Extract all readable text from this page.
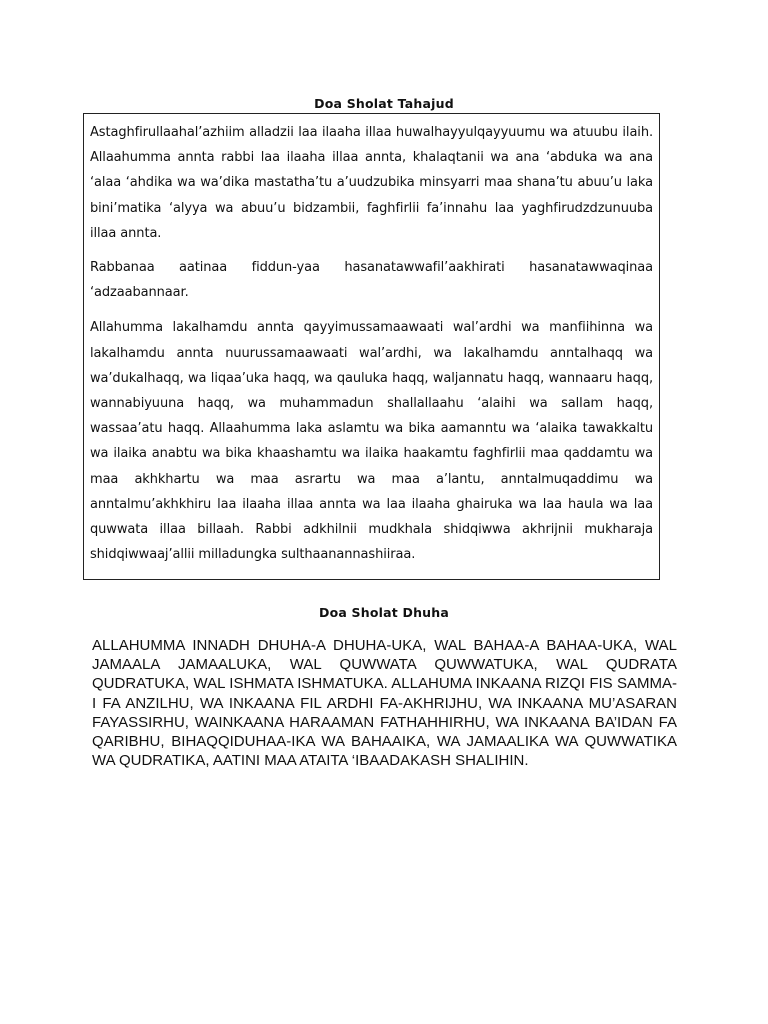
Doa Sholat Tahajud

Astaghfirullaahal’azhiim alladzii laa ilaaha illaa huwalhayyulqayyuumu wa atuubu ilaih. Allaahumma annta rabbi laa ilaaha illaa annta, khalaqtanii wa ana ‘abduka wa ana ‘alaa ‘ahdika wa wa’dika mastatha’tu a’uudzubika minsyarri maa shana’tu abuu’u laka bini’matika ‘alyya wa abuu’u bidzambii, faghfirlii fa’innahu laa yaghfirudzdzunuuba illaa annta.

Rabbanaa aatinaa fiddun-yaa hasanatawwafil’aakhirati hasanatawwaqinaa ‘adzaabannaar.

Allahumma lakalhamdu annta qayyimussamaawaati wal’ardhi wa manfiihinna wa lakalhamdu annta nuurussamaawaati wal’ardhi, wa lakalhamdu anntalhaqq wa wa’dukalhaqq, wa liqaa’uka haqq, wa qauluka haqq, waljannatu haqq, wannaaru haqq, wannabiyuuna haqq, wa muhammadun shallallaahu ‘alaihi wa sallam haqq, wassaa’atu haqq. Allaahumma laka aslamtu wa bika aamanntu wa ‘alaika tawakkaltu wa ilaika anabtu wa bika khaashamtu wa ilaika haakamtu faghfirlii maa qaddamtu wa maa akhkhartu wa maa asrartu wa maa a’lantu, anntalmuqaddimu wa anntalmu’akhkhiru laa ilaaha illaa annta wa laa ilaaha ghairuka wa laa haula wa laa quwwata illaa billaah. Rabbi adkhilnii mudkhala shidqiwwa akhrijnii mukharaja shidqiwwaaj’allii milladungka sulthaanannashiiraa.

Doa Sholat Dhuha

ALLAHUMMA INNADH DHUHA-A DHUHA-UKA, WAL BAHAA-A BAHAA-UKA, WAL JAMAALA JAMAALUKA, WAL QUWWATA QUWWATUKA, WAL QUDRATA QUDRATUKA, WAL ISHMATA ISHMATUKA. ALLAHUMA INKAANA RIZQI FIS SAMMA-I FA ANZILHU, WA INKAANA FIL ARDHI FA-AKHRIJHU, WA INKAANA MU’ASARAN FAYASSIRHU, WAINKAANA HARAAMAN FATHAHHIRHU, WA INKAANA BA’IDAN FA QARIBHU, BIHAQQIDUHAA-IKA WA BAHAAIKA, WA JAMAALIKA WA QUWWATIKA WA QUDRATIKA, AATINI MAA ATAITA ‘IBAADAKASH SHALIHIN.
